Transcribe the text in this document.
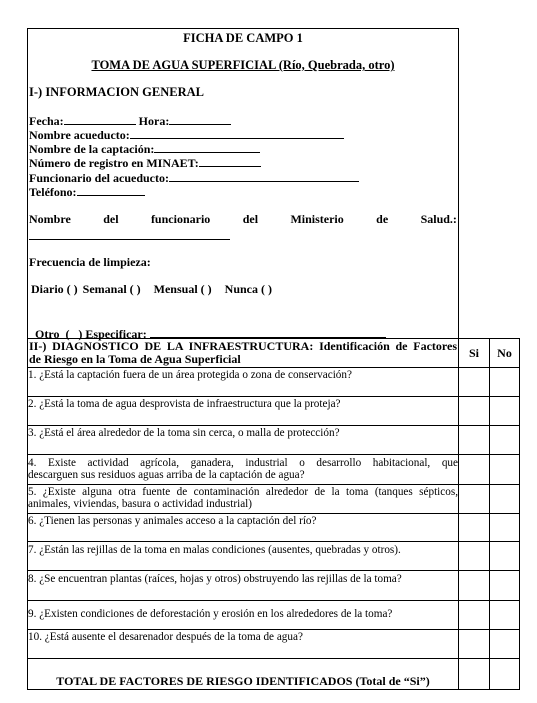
FICHA DE CAMPO 1
TOMA DE AGUA SUPERFICIAL (Río, Quebrada, otro)
I-) INFORMACION GENERAL
Fecha:	Hora:
Nombre acueducto:
Nombre de la captación:
Número de registro en MINAET:
Funcionario del acueducto:
Teléfono:
Nombre	del	funcionario	del	Ministerio	de	Salud.:
Frecuencia de limpieza:
Diario ( ) Semanal ( ) Mensual ( ) Nunca ( )

Otro  (   ) Especificar:

II-) DIAGNOSTICO DE LA INFRAESTRUCTURA: Identificación de Factores
de Riesgo en la Toma de Agua Superficial	Si	No
1. ¿Está la captación fuera de un área protegida o zona de conservación?
2. ¿Está la toma de agua desprovista de infraestructura que la proteja?
3. ¿Está el área alrededor de la toma sin cerca, o malla de protección?
4. Existe actividad agrícola, ganadera, industrial o desarrollo habitacional, que
descarguen sus residuos aguas arriba de la captación de agua?
5. ¿Existe alguna otra fuente de contaminación alrededor de la toma (tanques sépticos,
animales, viviendas, basura o actividad industrial)
6. ¿Tienen las personas y animales acceso a la captación del río?
7. ¿Están las rejillas de la toma en malas condiciones (ausentes, quebradas y otros).
8. ¿Se encuentran plantas (raíces, hojas y otros) obstruyendo las rejillas de la toma?
9. ¿Existen condiciones de deforestación y erosión en los alrededores de la toma?
10. ¿Está ausente el desarenador después de la toma de agua?
TOTAL DE FACTORES DE RIESGO IDENTIFICADOS (Total de “Si”)
